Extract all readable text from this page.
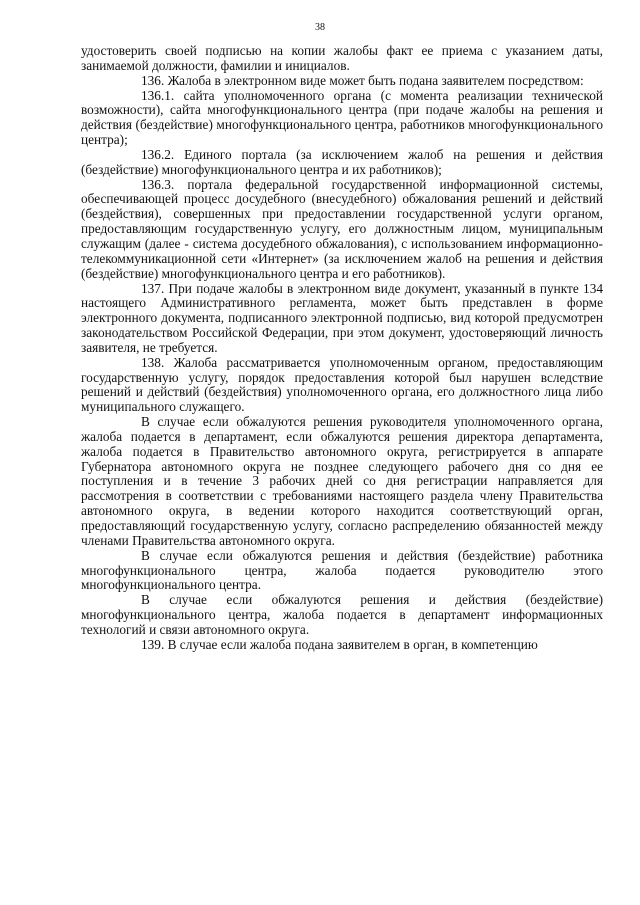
38

удостоверить своей подписью на копии жалобы факт ее приема с указанием даты, занимаемой должности, фамилии и инициалов.

136. Жалоба в электронном виде может быть подана заявителем посредством:

136.1. сайта уполномоченного органа (с момента реализации технической возможности), сайта многофункционального центра (при подаче жалобы на решения и действия (бездействие) многофункционального центра, работников многофункционального центра);

136.2. Единого портала (за исключением жалоб на решения и действия (бездействие) многофункционального центра и их работников);

136.3. портала федеральной государственной информационной системы, обеспечивающей процесс досудебного (внесудебного) обжалования решений и действий (бездействия), совершенных при предоставлении государственной услуги органом, предоставляющим государственную услугу, его должностным лицом, муниципальным служащим (далее - система досудебного обжалования), с использованием информационно-телекоммуникационной сети «Интернет» (за исключением жалоб на решения и действия (бездействие) многофункционального центра и его работников).

137. При подаче жалобы в электронном виде документ, указанный в пункте 134 настоящего Административного регламента, может быть представлен в форме электронного документа, подписанного электронной подписью, вид которой предусмотрен законодательством Российской Федерации, при этом документ, удостоверяющий личность заявителя, не требуется.

138. Жалоба рассматривается уполномоченным органом, предоставляющим государственную услугу, порядок предоставления которой был нарушен вследствие решений и действий (бездействия) уполномоченного органа, его должностного лица либо муниципального служащего.

В случае если обжалуются решения руководителя уполномоченного органа, жалоба подается в департамент, если обжалуются решения директора департамента, жалоба подается в Правительство автономного округа, регистрируется в аппарате Губернатора автономного округа не позднее следующего рабочего дня со дня ее поступления и в течение 3 рабочих дней со дня регистрации направляется для рассмотрения в соответствии с требованиями настоящего раздела члену Правительства автономного округа, в ведении которого находится соответствующий орган, предоставляющий государственную услугу, согласно распределению обязанностей между членами Правительства автономного округа.

В случае если обжалуются решения и действия (бездействие) работника многофункционального центра, жалоба подается руководителю этого многофункционального центра.

В случае если обжалуются решения и действия (бездействие) многофункционального центра, жалоба подается в департамент информационных технологий и связи автономного округа.

139. В случае если жалоба подана заявителем в орган, в компетенцию
